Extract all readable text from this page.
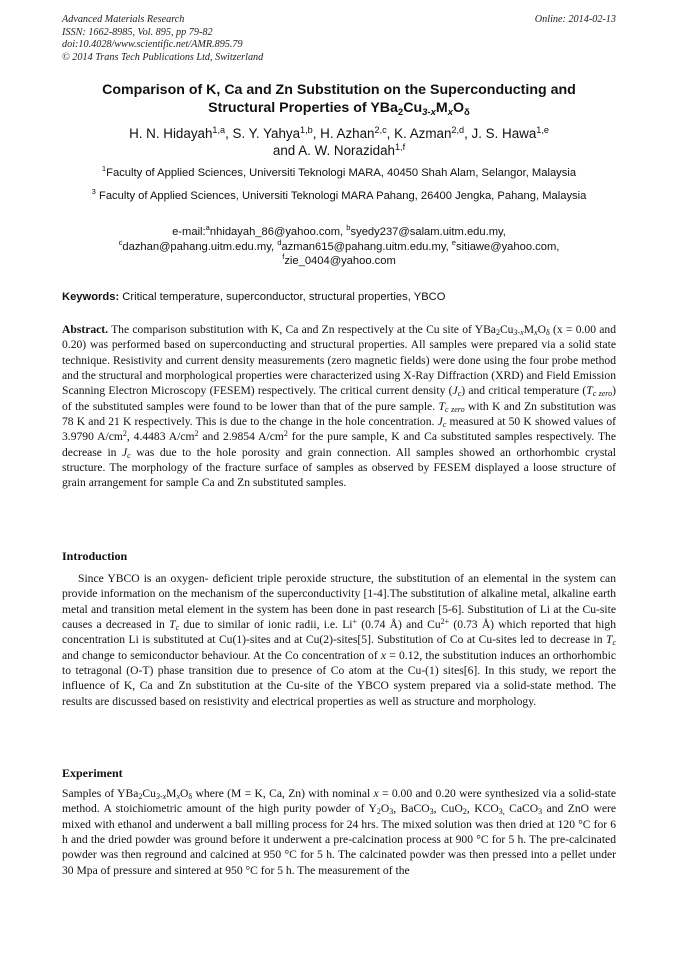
Advanced Materials Research
ISSN: 1662-8985, Vol. 895, pp 79-82
doi:10.4028/www.scientific.net/AMR.895.79
© 2014 Trans Tech Publications Ltd, Switzerland
Online: 2014-02-13
Comparison of K, Ca and Zn Substitution on the Superconducting and
Structural Properties of $YBa_2Cu_{3-x}M_xO_\delta$
H. N. Hidayah$^{1,a}$, S. Y. Yahya$^{1,b}$, H. Azhan$^{2,c}$, K. Azman$^{2,d}$, J. S. Hawa$^{1,e}$
and A. W. Norazidah$^{1,f}$
$^1$Faculty of Applied Sciences, Universiti Teknologi MARA, 40450 Shah Alam, Selangor, Malaysia
$^3$ Faculty of Applied Sciences, Universiti Teknologi MARA Pahang, 26400 Jengka, Pahang, Malaysia
e-mail:$^a$nhidayah_86@yahoo.com, $^b$syedy237@salam.uitm.edu.my,
$^c$dazhan@pahang.uitm.edu.my, $^d$azman615@pahang.uitm.edu.my, $^e$sitiawe@yahoo.com,
$^f$zie_0404@yahoo.com
Keywords: Critical temperature, superconductor, structural properties, YBCO
Abstract. The comparison substitution with K, Ca and Zn respectively at the Cu site of $YBa_2Cu_{3-x}M_xO_\delta$ (x = 0.00 and 0.20) was performed based on superconducting and structural properties. All samples were prepared via a solid state technique. Resistivity and current density measurements (zero magnetic fields) were done using the four probe method and the structural and morphological properties were characterized using X-Ray Diffraction (XRD) and Field Emission Scanning Electron Microscopy (FESEM) respectively. The critical current density $(J_c)$ and critical temperature $(T_{c zero})$ of the substituted samples were found to be lower than that of the pure sample. $T_{c zero}$ with K and Zn substitution was 78 K and 21 K respectively. This is due to the change in the hole concentration. $J_c$ measured at 50 K showed values of 3.9790 $A/cm^2$, 4.4483 $A/cm^2$ and 2.9854 $A/cm^2$ for the pure sample, K and Ca substituted samples respectively. The decrease in $J_c$ was due to the hole porosity and grain connection. All samples showed an orthorhombic crystal structure. The morphology of the fracture surface of samples as observed by FESEM displayed a loose structure of grain arrangement for sample Ca and Zn substituted samples.
Introduction
Since YBCO is an oxygen- deficient triple peroxide structure, the substitution of an elemental in the system can provide information on the mechanism of the superconductivity [1-4].The substitution of alkaline metal, alkaline earth metal and transition metal element in the system has been done in past research [5-6]. Substitution of Li at the Cu-site causes a decreased in $T_c$ due to similar of ionic radii, i.e. Li+ (0.74 Å) and $Cu^{2+}$ (0.73 Å) which reported that high concentration Li is substituted at Cu(1)-sites and at Cu(2)-sites[5]. Substitution of Co at Cu-sites led to decrease in $T_c$ and change to semiconductor behaviour. At the Co concentration of x = 0.12, the substitution induces an orthorhombic to tetragonal (O-T) phase transition due to presence of Co atom at the Cu-(1) sites[6]. In this study, we report the influence of K, Ca and Zn substitution at the Cu-site of the YBCO system prepared via a solid-state method. The results are discussed based on resistivity and electrical properties as well as structure and morphology.
Experiment
Samples of $YBa_2Cu_{3-x}M_xO_\delta$ where (M = K, Ca, Zn) with nominal x = 0.00 and 0.20 were synthesized via a solid-state method. A stoichiometric amount of the high purity powder of $Y_2O_3$, BaCO$_3$, CuO$_2$, $KCO_{3,}$ CaCO$_3$ and ZnO were mixed with ethanol and underwent a ball milling process for 24 hrs. The mixed solution was then dried at 120 °C for 6 h and the dried powder was ground before it underwent a pre-calcination process at 900 °C for 5 h. The pre-calcinated powder was then reground and calcined at 950 °C for 5 h. The calcinated powder was then pressed into a pellet under 30 Mpa of pressure and sintered at 950 °C for 5 h. The measurement of the
